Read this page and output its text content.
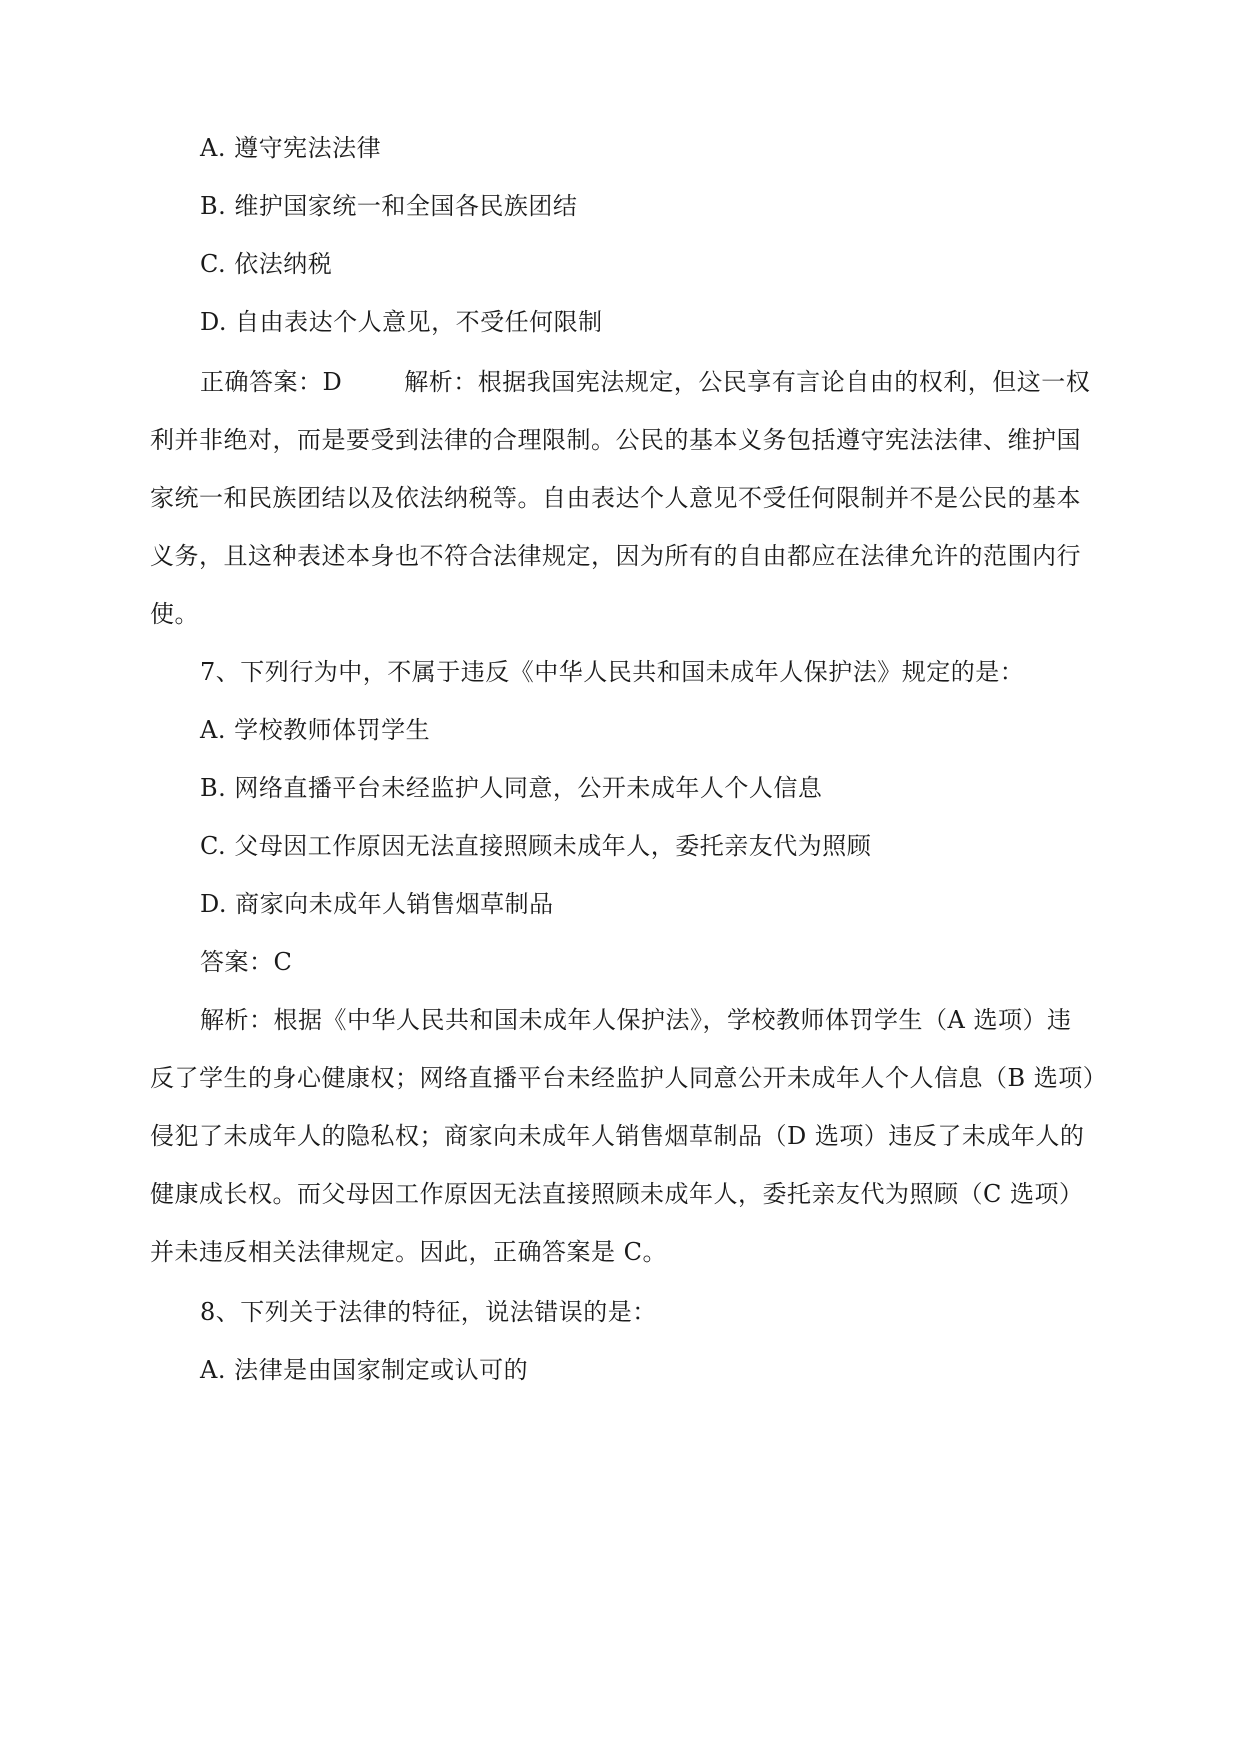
A. 遵守宪法法律
B. 维护国家统一和全国各民族团结
C. 依法纳税
D. 自由表达个人意见，不受任何限制
正确答案：D	解析：根据我国宪法规定，公民享有言论自由的权利，但这一权
利并非绝对，而是要受到法律的合理限制。公民的基本义务包括遵守宪法法律、维护国
家统一和民族团结以及依法纳税等。自由表达个人意见不受任何限制并不是公民的基本
义务，且这种表述本身也不符合法律规定，因为所有的自由都应在法律允许的范围内行
使。
7、下列行为中，不属于违反《中华人民共和国未成年人保护法》规定的是：
A. 学校教师体罚学生
B. 网络直播平台未经监护人同意，公开未成年人个人信息
C. 父母因工作原因无法直接照顾未成年人，委托亲友代为照顾
D. 商家向未成年人销售烟草制品
答案：C
解析：根据《中华人民共和国未成年人保护法》，学校教师体罚学生（A 选项）违
反了学生的身心健康权；网络直播平台未经监护人同意公开未成年人个人信息（B 选项）
侵犯了未成年人的隐私权；商家向未成年人销售烟草制品（D 选项）违反了未成年人的
健康成长权。而父母因工作原因无法直接照顾未成年人，委托亲友代为照顾（C 选项）
并未违反相关法律规定。因此，正确答案是 C。
8、下列关于法律的特征，说法错误的是：
A. 法律是由国家制定或认可的
